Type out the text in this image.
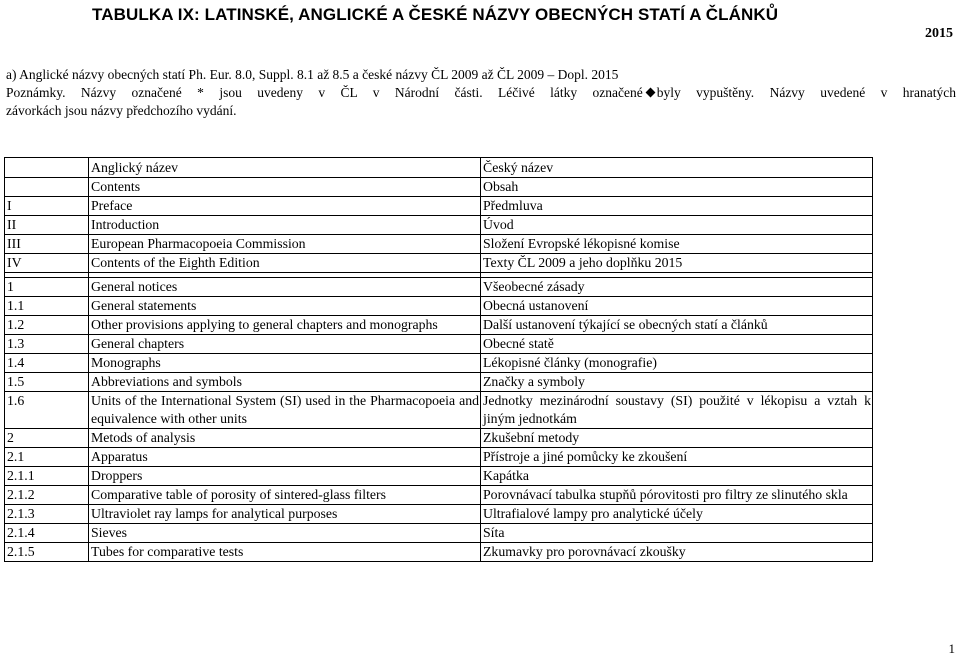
TABULKA IX: LATINSKÉ, ANGLICKÉ A ČESKÉ NÁZVY OBECNÝCH STATÍ A ČLÁNKŮ
2015
a) Anglické názvy obecných statí Ph. Eur. 8.0, Suppl. 8.1 až 8.5 a české názvy ČL 2009 až ČL 2009 – Dopl. 2015
Poznámky. Názvy označené * jsou uvedeny v ČL v Národní části. Léčivé látky označené byly vypuštěny. Názvy uvedené v hranatých
závorkách jsou názvy předchozího vydání.
	Anglický název	Český název
	Contents	Obsah
I	Preface	Předmluva
II	Introduction	Úvod
III	European Pharmacopoeia Commission	Složení Evropské lékopisné komise
IV	Contents of the Eighth Edition	Texty ČL 2009 a jeho doplňku 2015

1	General notices	Všeobecné zásady
1.1	General statements	Obecná ustanovení
1.2	Other provisions applying to general chapters and monographs	Další ustanovení týkající se obecných statí a článků
1.3	General chapters	Obecné statě
1.4	Monographs	Lékopisné články (monografie)
1.5	Abbreviations and symbols	Značky a symboly
1.6	Units of the International System (SI) used in the Pharmacopoeia and equivalence with other units	Jednotky mezinárodní soustavy (SI) použité v lékopisu a vztah k jiným jednotkám
2	Metods of analysis	Zkušební metody
2.1	Apparatus	Přístroje a jiné pomůcky ke zkoušení
2.1.1	Droppers	Kapátka
2.1.2	Comparative table of porosity of sintered-glass filters	Porovnávací tabulka stupňů pórovitosti pro filtry ze slinutého skla
2.1.3	Ultraviolet ray lamps for analytical purposes	Ultrafialové lampy pro analytické účely
2.1.4	Sieves	Síta
2.1.5	Tubes for comparative tests	Zkumavky pro porovnávací zkoušky
1
